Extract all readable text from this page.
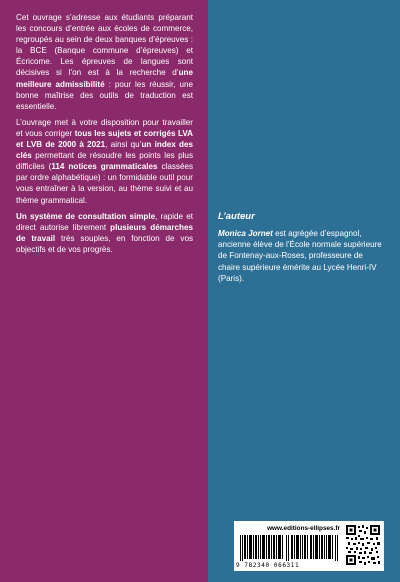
Cet ouvrage s’adresse aux étudiants préparant les concours d’entrée aux écoles de commerce, regroupés au sein de deux banques d’épreuves : la BCE (Banque commune d’épreuves) et Écricome. Les épreuves de langues sont décisives si l’on est à la recherche d’une meilleure admissibilité : pour les réussir, une bonne maîtrise des outils de traduction est essentielle.

L’ouvrage met à votre disposition pour travailler et vous corriger tous les sujets et corrigés LVA et LVB de 2000 à 2021, ainsi qu’un index des clés permettant de résoudre les points les plus difficiles (114 notices grammaticales classées par ordre alphabétique) : un formidable outil pour vous entraîner à la version, au thème suivi et au thème grammatical.

Un système de consultation simple, rapide et direct autorise librement plusieurs démarches de travail très souples, en fonction de vos objectifs et de vos progrès.

L’auteur
Monica Jornet est agrégée d’espagnol, ancienne élève de l’École normale supérieure de Fontenay-aux-Roses, professeure de chaire supérieure émérite au Lycée Henri-IV (Paris).
www.editions-ellipses.fr
9 782340 066311
